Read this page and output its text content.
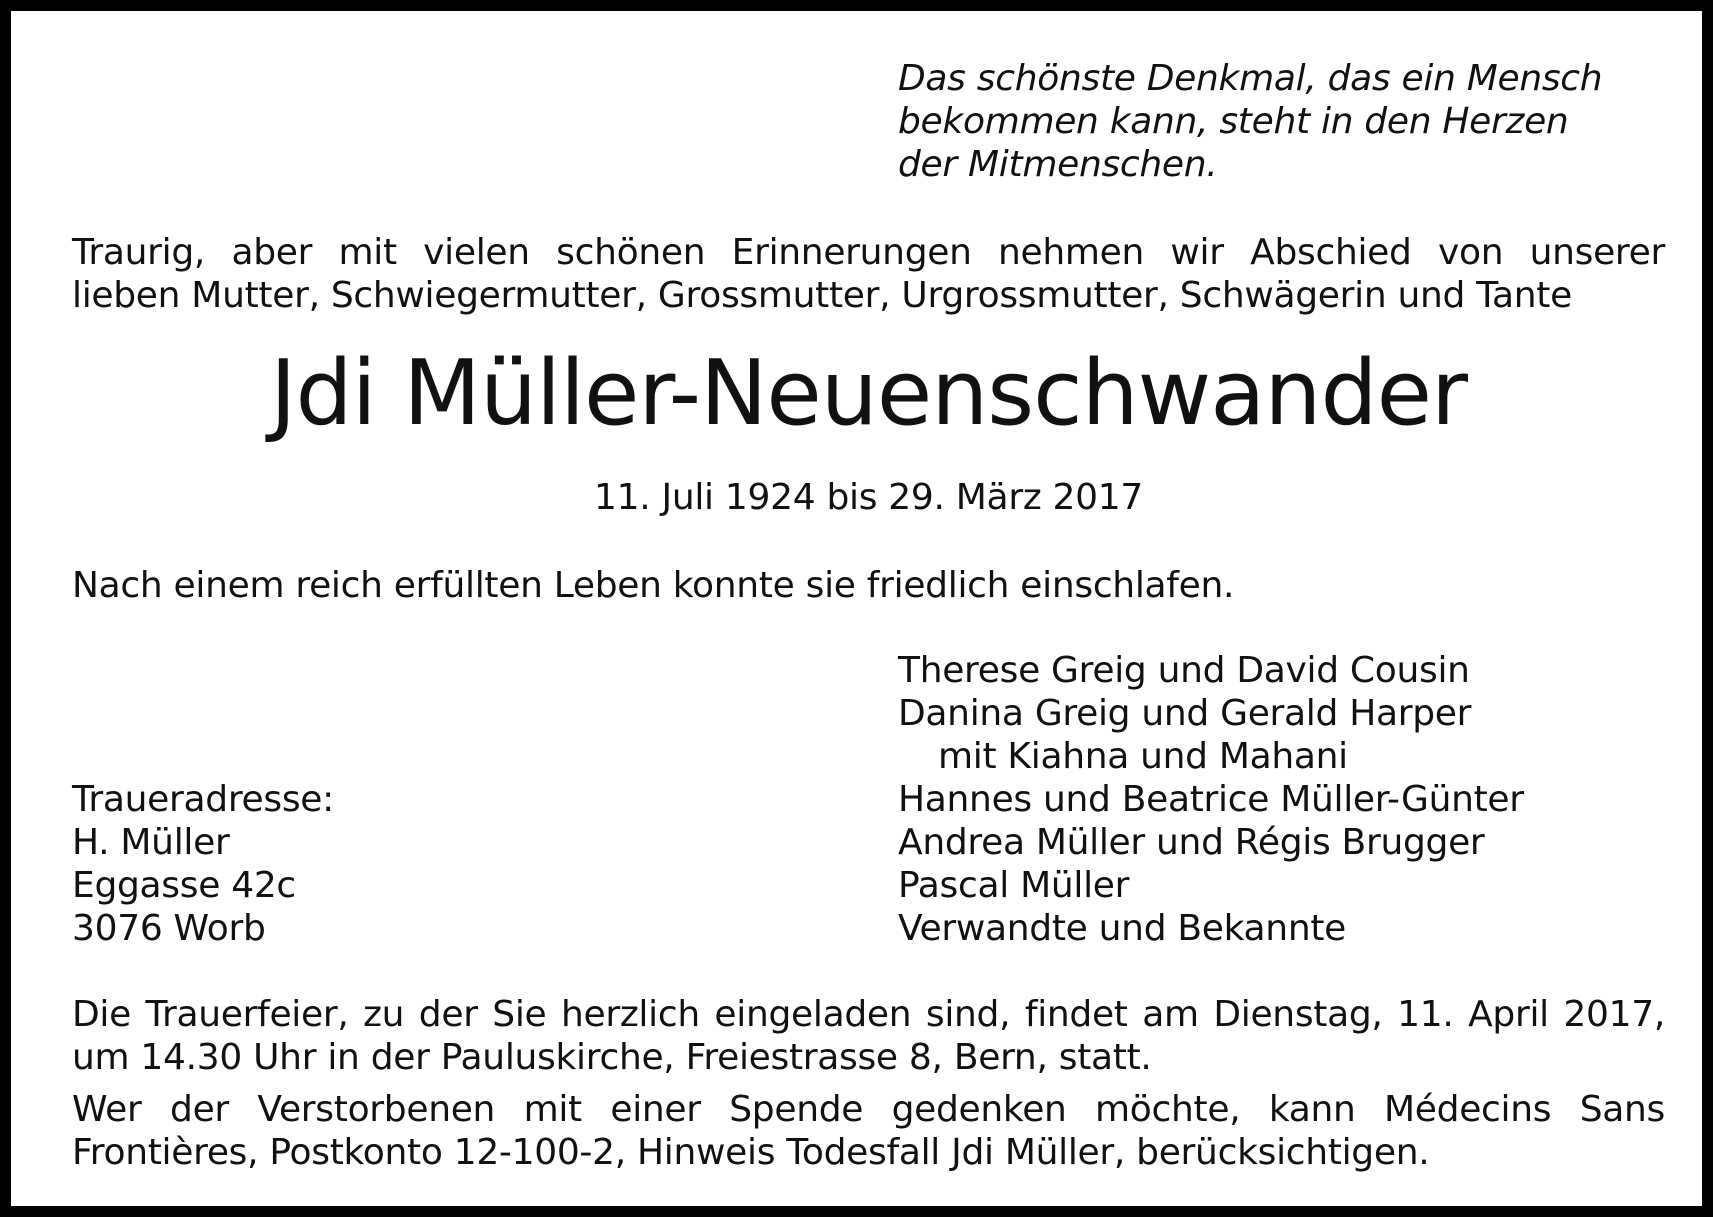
Das schönste Denkmal, das ein Mensch
bekommen kann, steht in den Herzen
der Mitmenschen.
Traurig, aber mit vielen schönen Erinnerungen nehmen wir Abschied von unserer
lieben Mutter, Schwiegermutter, Grossmutter, Urgrossmutter, Schwägerin und Tante
Jdi Müller-Neuenschwander
11. Juli 1924 bis 29. März 2017
Nach einem reich erfüllten Leben konnte sie friedlich einschlafen.
Therese Greig und David Cousin
Danina Greig und Gerald Harper
mit Kiahna und Mahani
Hannes und Beatrice Müller-Günter
Andrea Müller und Régis Brugger
Pascal Müller
Verwandte und Bekannte
Traueradresse:
H. Müller
Eggasse 42c
3076 Worb
Die Trauerfeier, zu der Sie herzlich eingeladen sind, findet am Dienstag, 11. April 2017,
um 14.30 Uhr in der Pauluskirche, Freiestrasse 8, Bern, statt.
Wer der Verstorbenen mit einer Spende gedenken möchte, kann Médecins Sans
Frontières, Postkonto 12-100-2, Hinweis Todesfall Jdi Müller, berücksichtigen.
